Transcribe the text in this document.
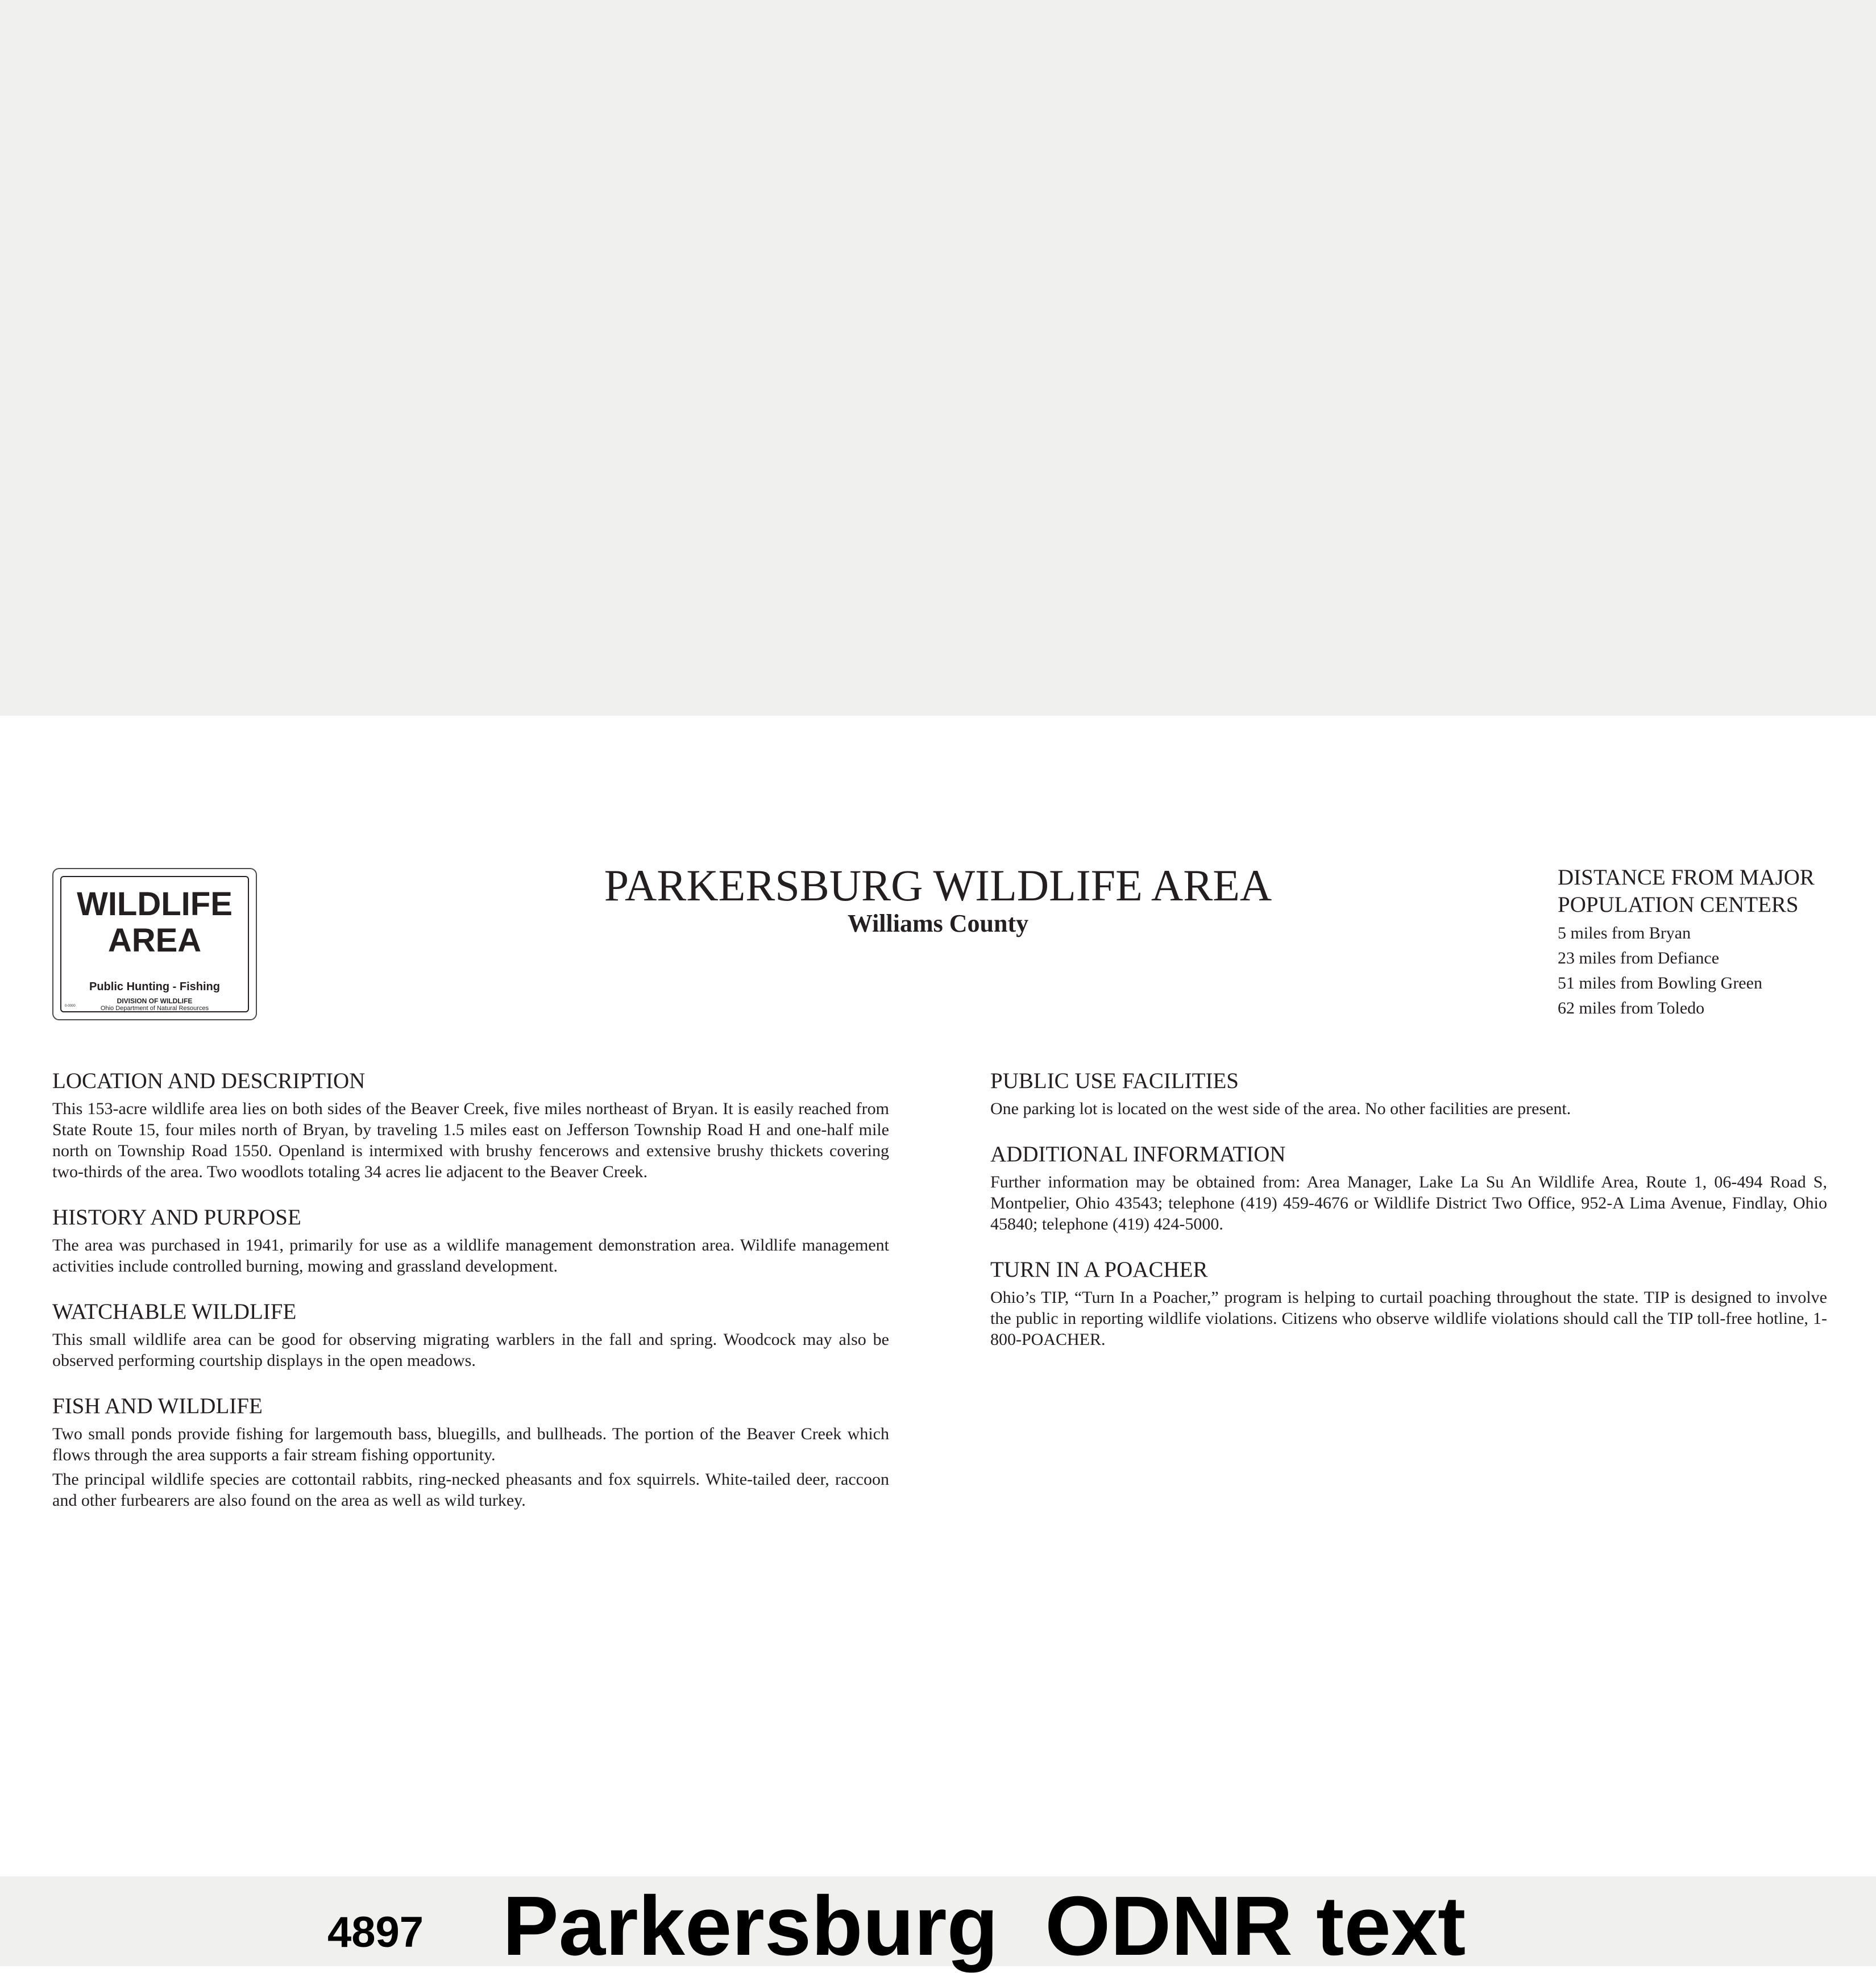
WILDLIFE
AREA
Public Hunting - Fishing
DIVISION OF WILDLIFE
Ohio Department of Natural Resources
0-0000
PARKERSBURG WILDLIFE AREA
Williams County
DISTANCE FROM MAJOR
POPULATION CENTERS
5 miles from Bryan
23 miles from Defiance
51 miles from Bowling Green
62 miles from Toledo
LOCATION AND DESCRIPTION

This 153-acre wildlife area lies on both sides of the Beaver Creek, five miles northeast of Bryan. It is easily reached from State Route 15, four miles north of Bryan, by traveling 1.5 miles east on Jefferson Township Road H and one-half mile north on Township Road 1550. Openland is intermixed with brushy fencerows and extensive brushy thickets covering two-thirds of the area. Two woodlots totaling 34 acres lie adjacent to the Beaver Creek.

HISTORY AND PURPOSE

The area was purchased in 1941, primarily for use as a wildlife management demonstration area. Wildlife management activities include controlled burning, mowing and grassland development.

WATCHABLE WILDLIFE

This small wildlife area can be good for observing migrating warblers in the fall and spring. Woodcock may also be observed performing courtship displays in the open meadows.

FISH AND WILDLIFE

Two small ponds provide fishing for largemouth bass, bluegills, and bullheads. The portion of the Beaver Creek which flows through the area supports a fair stream fishing opportunity.

The principal wildlife species are cottontail rabbits, ring-necked pheasants and fox squirrels. White-tailed deer, raccoon and other furbearers are also found on the area as well as wild turkey.

PUBLIC USE FACILITIES

One parking lot is located on the west side of the area. No other facilities are present.

ADDITIONAL INFORMATION

Further information may be obtained from: Area Manager, Lake La Su An Wildlife Area, Route 1, 06-494 Road S, Montpelier, Ohio 43543; telephone (419) 459-4676 or Wildlife District Two Office, 952-A Lima Avenue, Findlay, Ohio 45840; telephone (419) 424-5000.

TURN IN A POACHER

Ohio’s TIP, “Turn In a Poacher,” program is helping to curtail poaching throughout the state. TIP is designed to involve the public in reporting wildlife violations. Citizens who observe wildlife violations should call the TIP toll-free hotline, 1-800-POACHER.

4897 Parkersburg  ODNR text
